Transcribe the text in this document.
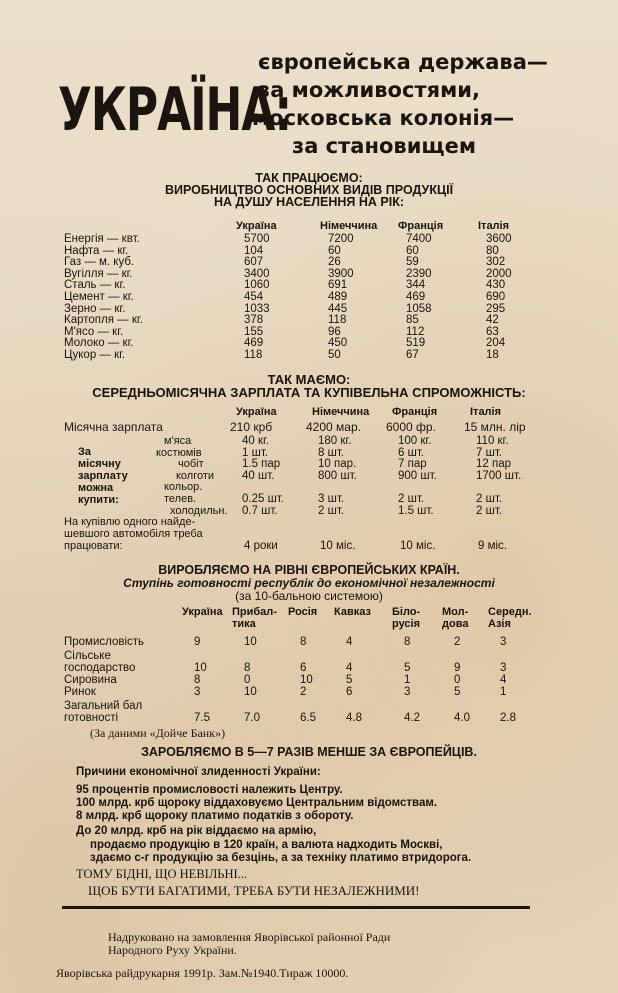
УКРАЇНА:
європейська держава—
за можливостями,
московська колонія—
за становищем
ТАК ПРАЦЮЄМО:
ВИРОБНИЦТВО ОСНОВНИХ ВИДІВ ПРОДУКЦІЇ
НА ДУШУ НАСЕЛЕННЯ НА РІК:
Україна	Німеччина Франція	Італія
Енергія — квт.	5700	7200	7400	3600
Нафта — кг.	104	60	60	80
Газ — м. куб.	607	26	59	302
Вугілля — кг.	3400	3900	2390	2000
Сталь — кг.	1060	691	344	430
Цемент — кг.	454	489	469	690
Зерно — кг.	1033	445	1058	295
Картопля — кг.	378	118	85	42
М'ясо — кг.	155	96	112	63
Молоко — кг.	469	450	519	204
Цукор — кг.	118	50	67	18
ТАК МАЄМО:
СЕРЕДНЬОМІСЯЧНА ЗАРПЛАТА ТА КУПІВЕЛЬНА СПРОМОЖНІСТЬ:
Україна	Німеччина Франція	Італія
Місячна зарплата	210 крб	4200 мар. 6000 фр. 15 млн. лір
За
місячну
зарплату
можна
купити:
м'яса	40 кг.	180 кг.	100 кг.	110 кг.
костюмів	1 шт.	8 шт.	6 шт.	7 шт.
чобіт	1.5 пар	10 пар.	7 пар	12 пар
колготи 40 шт.	800 шт.	900 шт.	1700 шт.
кольор.
телев.	0.25 шт.	3 шт.	2 шт.	2 шт.
холодильн. 0.7 шт.	2 шт.	1.5 шт.	2 шт.
На купівлю одного найде-
шевшого автомобіля треба
працювати:	4 роки	10 міс.	10 міс.	9 міс.
ВИРОБЛЯЄМО НА РІВНІ ЄВРОПЕЙСЬКИХ КРАЇН.
Ступінь готовності республік до економічної незалежності
(за 10-бальною системою)
Україна Прибал-
тика
Росія Кавказ Біло-
русія
Мол-
дова
Середн.
Азія
Промисловість	9	10	8	4	8	2	3
Сільське
господарство	10	8	6	4	5	9	3
Сировина	8	0	10	5	1	0	4
Ринок	3	10	2	6	3	5	1
Загальний бал
готовності	7.5	7.0	6.5	4.8	4.2	4.0	2.8
(За даними «Дойче Банк»)
ЗАРОБЛЯЄМО В 5—7 РАЗІВ МЕНШЕ ЗА ЄВРОПЕЙЦІВ.
Причини економічної злиденності України:
95 процентів промисловості належить Центру.
100 млрд. крб щороку віддаховуємо Центральним відомствам.
8 млрд. крб щороку платимо податків з обороту.
До 20 млрд. крб на рік віддаємо на армію,
продаємо продукцію в 120 країн, а валюта надходить Москві,
здаємо с-г продукцію за безцінь, а за техніку платимо втридорога.
ТОМУ БІДНІ, ЩО НЕВІЛЬНІ...
ЩОБ БУТИ БАГАТИМИ, ТРЕБА БУТИ НЕЗАЛЕЖНИМИ!
Надруковано на замовлення Яворівської районної Ради
Народного Руху України.
Яворівська райдрукарня 1991р. Зам.№1940.Тираж 10000.
